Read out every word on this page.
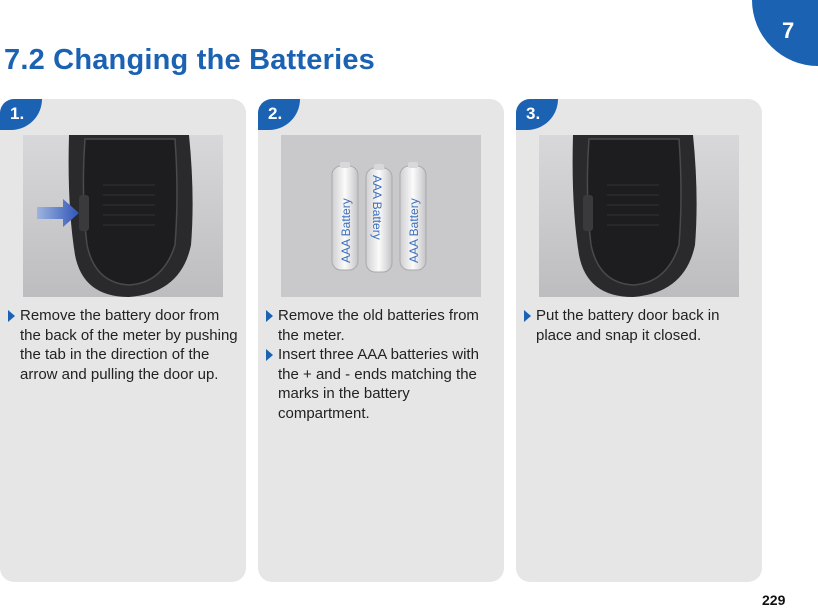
7
7.2 Changing the Batteries
1.
Remove the battery door from the back of the meter by pushing the tab in the direction of the arrow and pulling the door up.
2.
AAA Battery AAA Battery AAA Battery
Remove the old batteries from the meter.
Insert three AAA batteries with the + and - ends matching the marks in the battery compartment.
3.
Put the battery door back in place and snap it closed.
229
